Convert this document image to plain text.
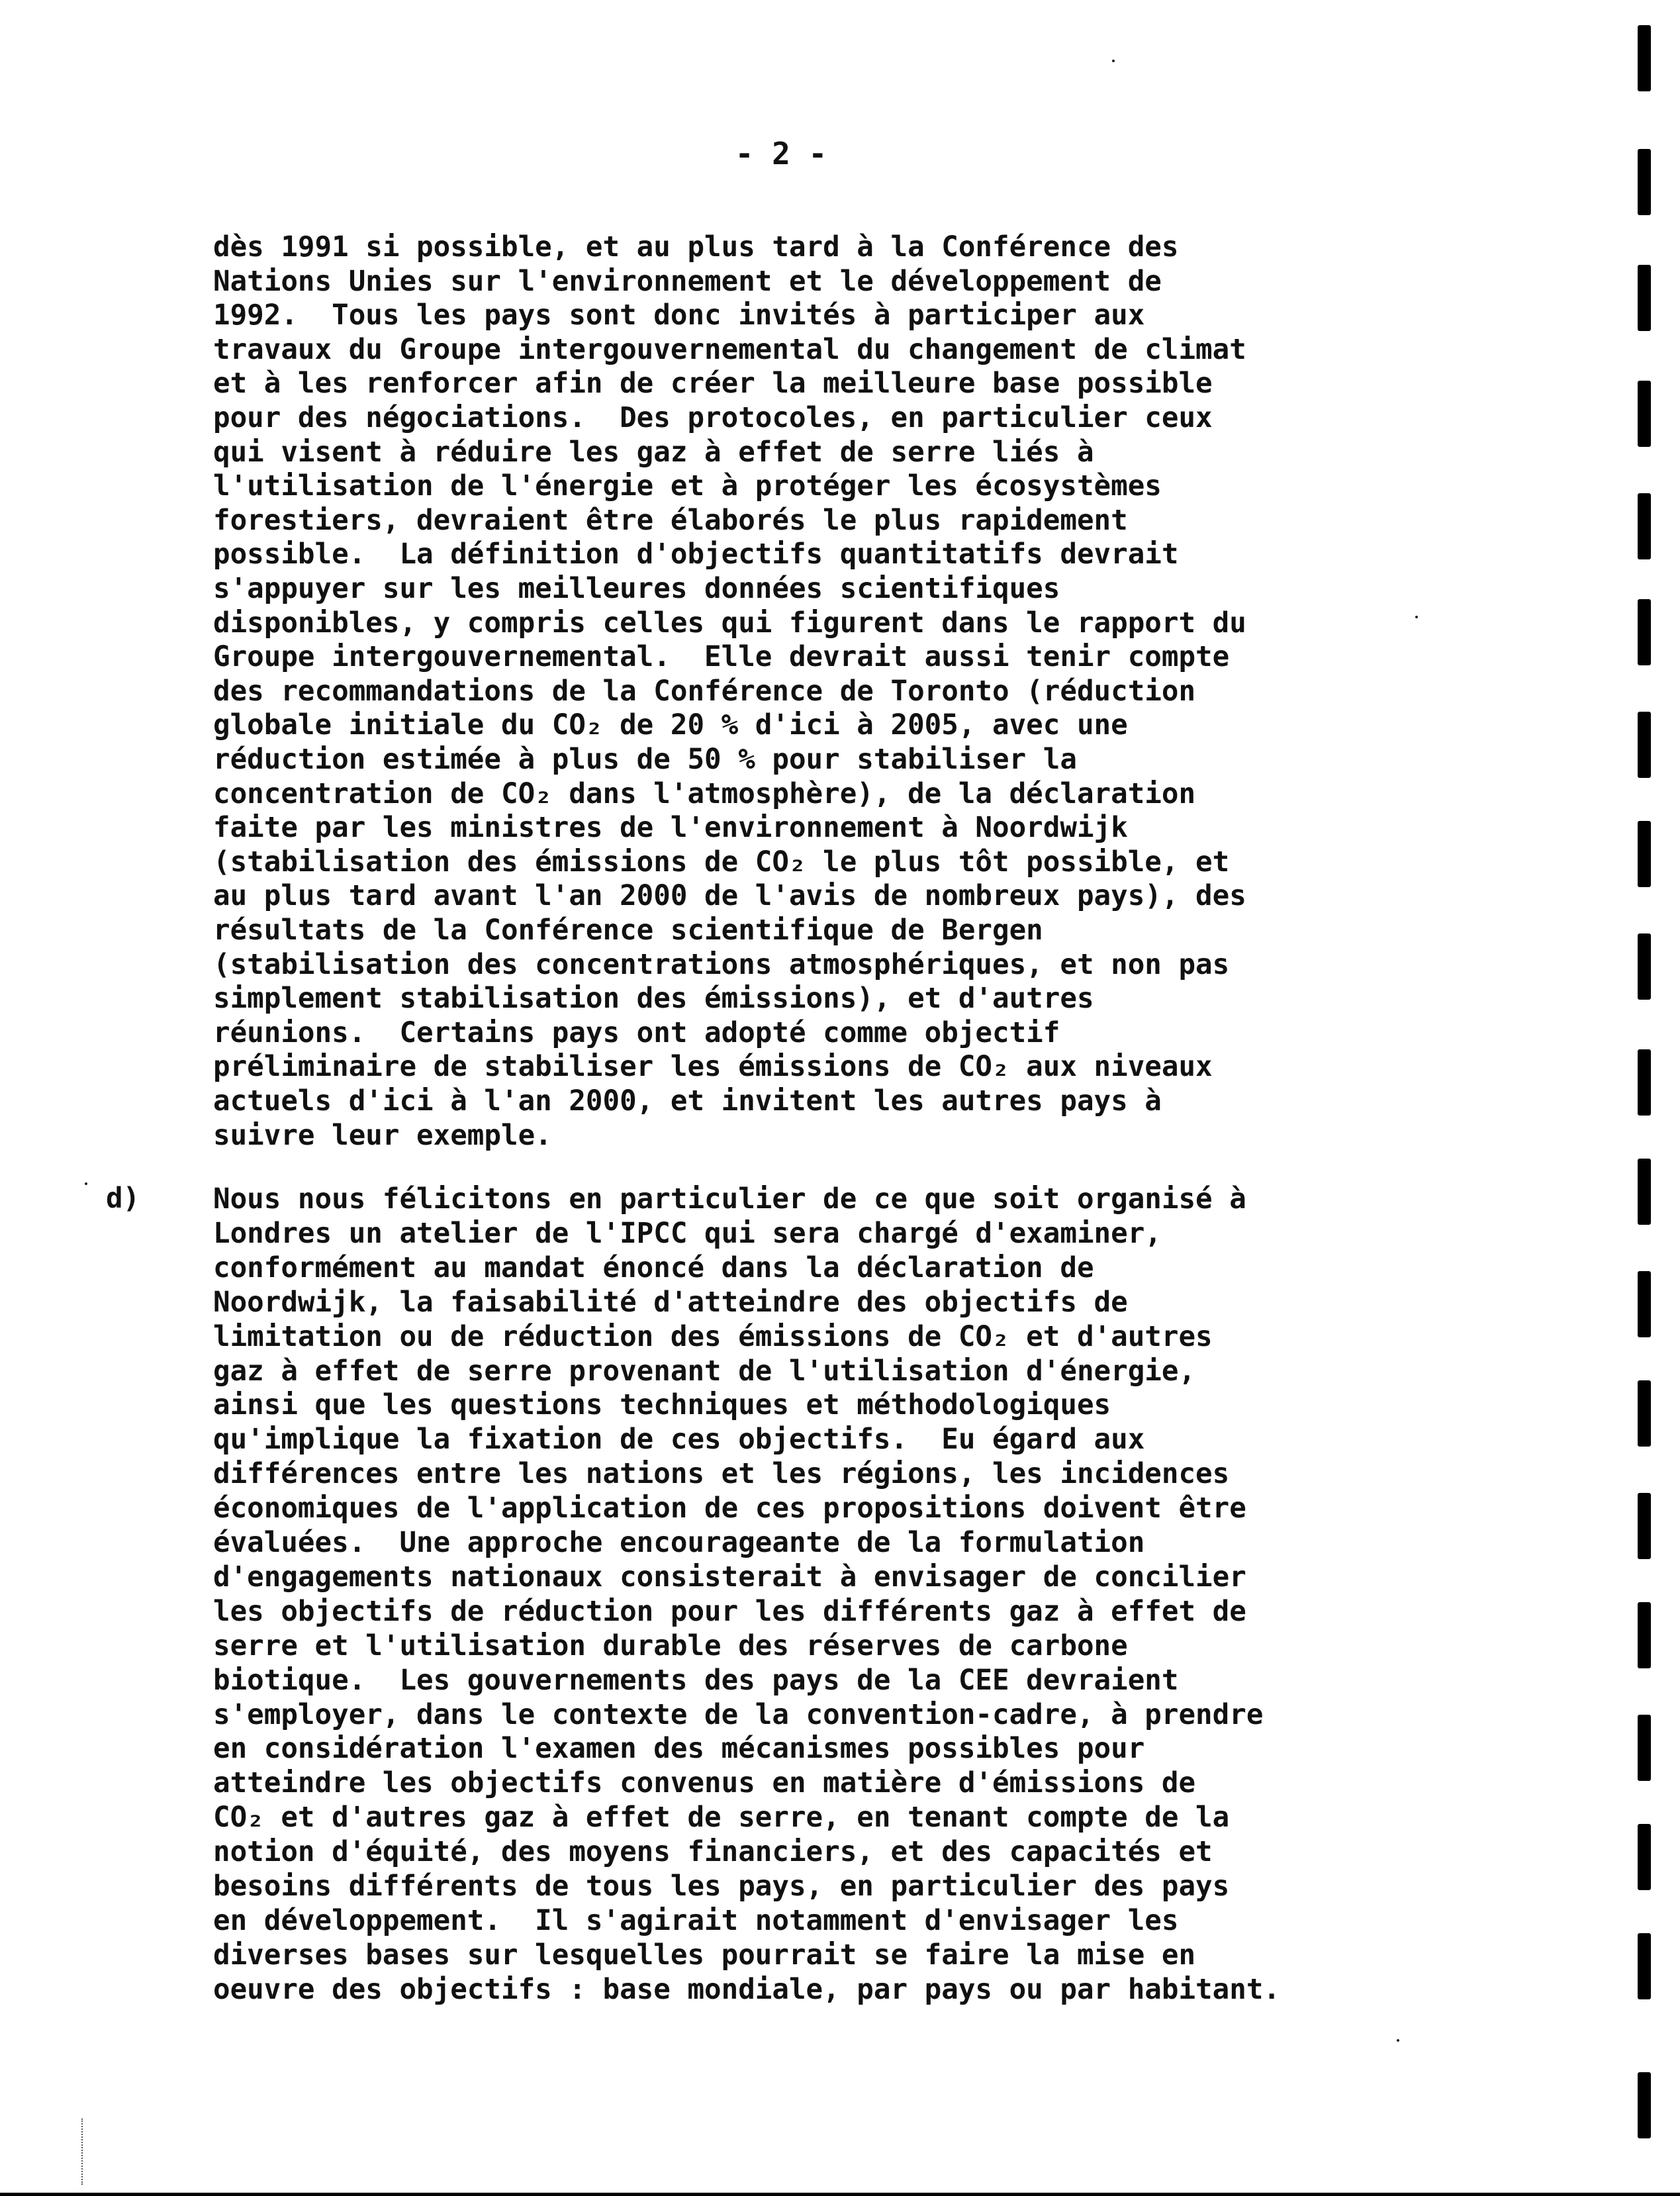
- 2 -
dès 1991 si possible, et au plus tard à la Conférence des
Nations Unies sur l'environnement et le développement de
1992.  Tous les pays sont donc invités à participer aux
travaux du Groupe intergouvernemental du changement de climat
et à les renforcer afin de créer la meilleure base possible
pour des négociations.  Des protocoles, en particulier ceux
qui visent à réduire les gaz à effet de serre liés à
l'utilisation de l'énergie et à protéger les écosystèmes
forestiers, devraient être élaborés le plus rapidement
possible.  La définition d'objectifs quantitatifs devrait
s'appuyer sur les meilleures données scientifiques
disponibles, y compris celles qui figurent dans le rapport du
Groupe intergouvernemental.  Elle devrait aussi tenir compte
des recommandations de la Conférence de Toronto (réduction
globale initiale du CO₂ de 20 % d'ici à 2005, avec une
réduction estimée à plus de 50 % pour stabiliser la
concentration de CO₂ dans l'atmosphère), de la déclaration
faite par les ministres de l'environnement à Noordwijk
(stabilisation des émissions de CO₂ le plus tôt possible, et
au plus tard avant l'an 2000 de l'avis de nombreux pays), des
résultats de la Conférence scientifique de Bergen
(stabilisation des concentrations atmosphériques, et non pas
simplement stabilisation des émissions), et d'autres
réunions.  Certains pays ont adopté comme objectif
préliminaire de stabiliser les émissions de CO₂ aux niveaux
actuels d'ici à l'an 2000, et invitent les autres pays à
suivre leur exemple.
d)	Nous nous félicitons en particulier de ce que soit organisé à
Londres un atelier de l'IPCC qui sera chargé d'examiner,
conformément au mandat énoncé dans la déclaration de
Noordwijk, la faisabilité d'atteindre des objectifs de
limitation ou de réduction des émissions de CO₂ et d'autres
gaz à effet de serre provenant de l'utilisation d'énergie,
ainsi que les questions techniques et méthodologiques
qu'implique la fixation de ces objectifs.  Eu égard aux
différences entre les nations et les régions, les incidences
économiques de l'application de ces propositions doivent être
évaluées.  Une approche encourageante de la formulation
d'engagements nationaux consisterait à envisager de concilier
les objectifs de réduction pour les différents gaz à effet de
serre et l'utilisation durable des réserves de carbone
biotique.  Les gouvernements des pays de la CEE devraient
s'employer, dans le contexte de la convention-cadre, à prendre
en considération l'examen des mécanismes possibles pour
atteindre les objectifs convenus en matière d'émissions de
CO₂ et d'autres gaz à effet de serre, en tenant compte de la
notion d'équité, des moyens financiers, et des capacités et
besoins différents de tous les pays, en particulier des pays
en développement.  Il s'agirait notamment d'envisager les
diverses bases sur lesquelles pourrait se faire la mise en
oeuvre des objectifs : base mondiale, par pays ou par habitant.
